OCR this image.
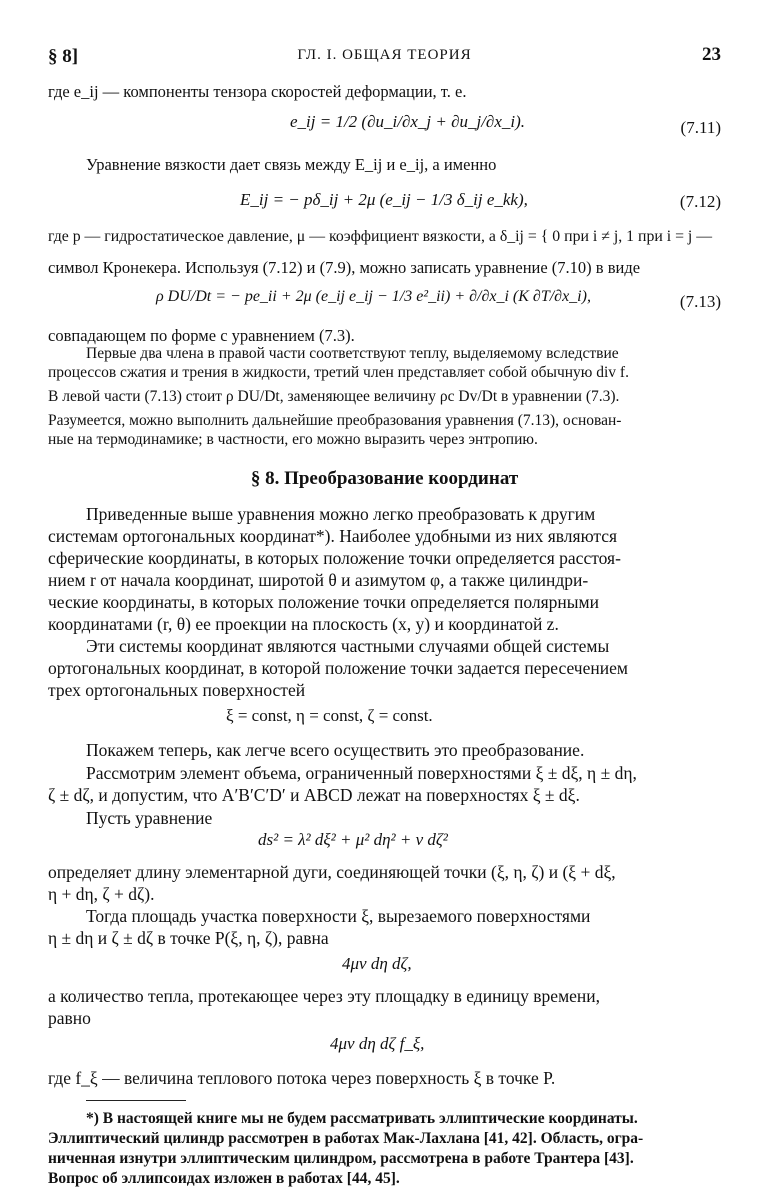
§ 8]	ГЛ. I. ОБЩАЯ ТЕОРИЯ	23
где e_ij — компоненты тензора скоростей деформации, т. е.
e_ij = 1/2 (∂u_i/∂x_j + ∂u_j/∂x_i).	(7.11)
Уравнение вязкости дает связь между E_ij и e_ij, а именно
E_ij = − pδ_ij + 2μ (e_ij − 1/3 δ_ij e_kk),	(7.12)
где p — гидростатическое давление, μ — коэффициент вязкости, а δ_ij = { 0 при i ≠ j, 1 при i = j —
символ Кронекера. Используя (7.12) и (7.9), можно записать уравнение (7.10) в виде
ρ DU/Dt = − pe_ii + 2μ (e_ij e_ij − 1/3 e²_ii) + ∂/∂x_i (K ∂T/∂x_i),	(7.13)
совпадающем по форме с уравнением (7.3).
Первые два члена в правой части соответствуют теплу, выделяемому вследствие
процессов сжатия и трения в жидкости, третий член представляет собой обычную div f.
В левой части (7.13) стоит ρ DU/Dt, заменяющее величину ρc Dv/Dt в уравнении (7.3).
Разумеется, можно выполнить дальнейшие преобразования уравнения (7.13), основан-
ные на термодинамике; в частности, его можно выразить через энтропию.
§ 8. Преобразование координат
Приведенные выше уравнения можно легко преобразовать к другим
системам ортогональных координат*). Наиболее удобными из них являются
сферические координаты, в которых положение точки определяется расстоя-
нием r от начала координат, широтой θ и азимутом φ, а также цилиндри-
ческие координаты, в которых положение точки определяется полярными
координатами (r, θ) ее проекции на плоскость (x, y) и координатой z.
Эти системы координат являются частными случаями общей системы
ортогональных координат, в которой положение точки задается пересечением
трех ортогональных поверхностей
ξ = const, η = const, ζ = const.
Покажем теперь, как легче всего осуществить это преобразование.
Рассмотрим элемент объема, ограниченный поверхностями ξ ± dξ, η ± dη,
ζ ± dζ, и допустим, что A′B′C′D′ и ABCD лежат на поверхностях ξ ± dξ.
Пусть уравнение
ds² = λ² dξ² + μ² dη² + ν dζ²
определяет длину элементарной дуги, соединяющей точки (ξ, η, ζ) и (ξ + dξ,
η + dη, ζ + dζ).
Тогда площадь участка поверхности ξ, вырезаемого поверхностями
η ± dη и ζ ± dζ в точке P(ξ, η, ζ), равна
4μν dη dζ,
а количество тепла, протекающее через эту площадку в единицу времени,
равно
4μν dη dζ f_ξ,
где f_ξ — величина теплового потока через поверхность ξ в точке P.
*) В настоящей книге мы не будем рассматривать эллиптические координаты.
Эллиптический цилиндр рассмотрен в работах Мак-Лахлана [41, 42]. Область, огра-
ниченная изнутри эллиптическим цилиндром, рассмотрена в работе Трантера [43].
Вопрос об эллипсоидах изложен в работах [44, 45].
